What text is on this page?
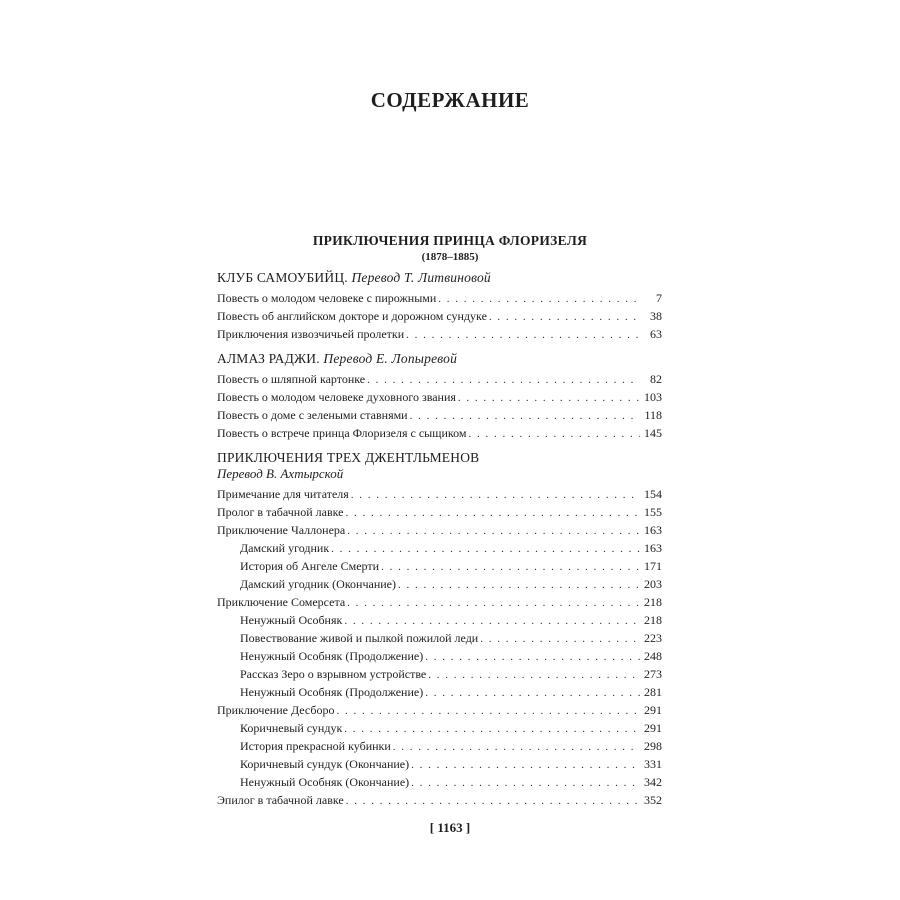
СОДЕРЖАНИЕ
ПРИКЛЮЧЕНИЯ ПРИНЦА ФЛОРИЗЕЛЯ
(1878–1885)
КЛУБ САМОУБИЙЦ. Перевод Т. Литвиновой
Повесть о молодом человеке с пирожными . . .	7
Повесть об английском докторе и дорожном сундуке . . .	38
Приключения извозчичьей пролетки . . .	63
АЛМАЗ РАДЖИ. Перевод Е. Лопыревой
Повесть о шляпной картонке . . .	82
Повесть о молодом человеке духовного звания . . .	103
Повесть о доме с зелеными ставнями . . .	118
Повесть о встрече принца Флоризеля с сыщиком . . .	145
ПРИКЛЮЧЕНИЯ ТРЕХ ДЖЕНТЛЬМЕНОВ
Перевод В. Ахтырской
Примечание для читателя . . .	154
Пролог в табачной лавке . . .	155
Приключение Чаллонера . . .	163
Дамский угодник . . .	163
История об Ангеле Смерти . . .	171
Дамский угодник (Окончание) . . .	203
Приключение Сомерсета . . .	218
Ненужный Особняк . . .	218
Повествование живой и пылкой пожилой леди . . .	223
Ненужный Особняк (Продолжение) . . .	248
Рассказ Зеро о взрывном устройстве . . .	273
Ненужный Особняк (Продолжение) . . .	281
Приключение Десборо . . .	291
Коричневый сундук . . .	291
История прекрасной кубинки . . .	298
Коричневый сундук (Окончание) . . .	331
Ненужный Особняк (Окончание) . . .	342
Эпилог в табачной лавке . . .	352
[ 1163 ]
